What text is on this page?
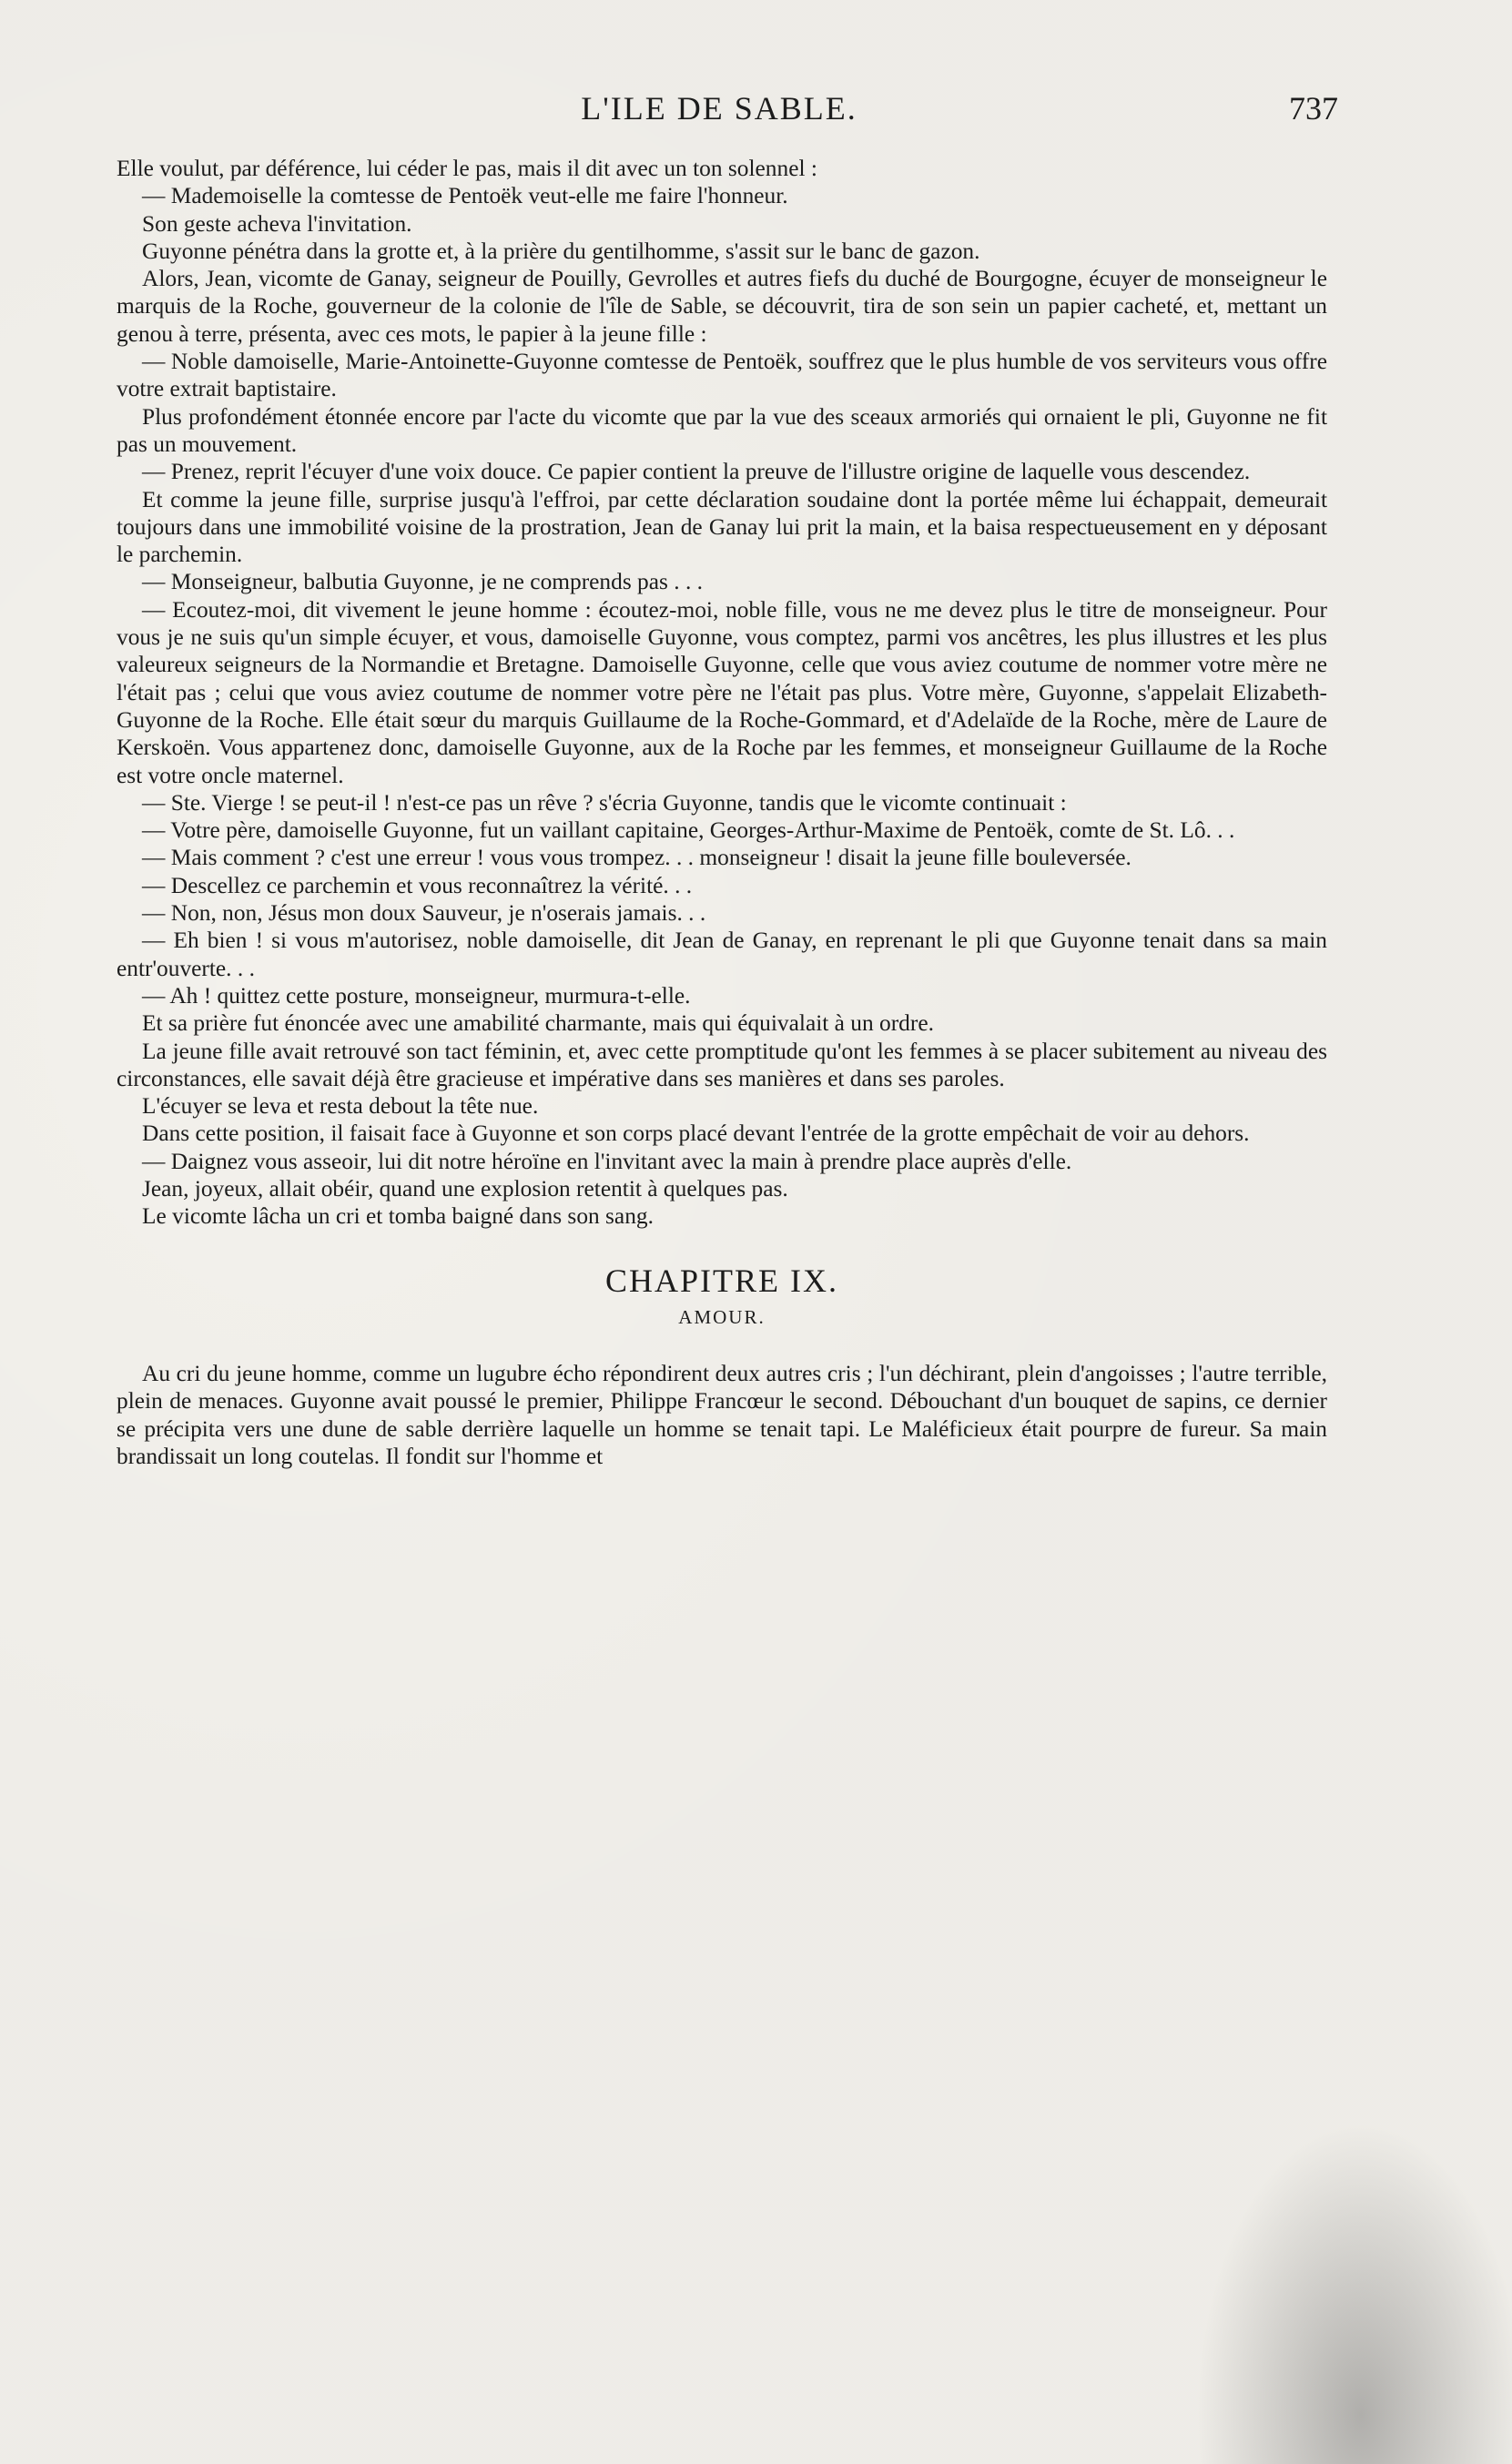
L'ILE DE SABLE.	737

Elle voulut, par déférence, lui céder le pas, mais il dit avec un ton solennel :

— Mademoiselle la comtesse de Pentoëk veut-elle me faire l'honneur.

Son geste acheva l'invitation.

Guyonne pénétra dans la grotte et, à la prière du gentilhomme, s'assit sur le banc de gazon.

Alors, Jean, vicomte de Ganay, seigneur de Pouilly, Gevrolles et autres fiefs du duché de Bourgogne, écuyer de monseigneur le marquis de la Roche, gouverneur de la colonie de l'île de Sable, se découvrit, tira de son sein un papier cacheté, et, mettant un genou à terre, présenta, avec ces mots, le papier à la jeune fille :

— Noble damoiselle, Marie-Antoinette-Guyonne comtesse de Pentoëk, souffrez que le plus humble de vos serviteurs vous offre votre extrait baptistaire.

Plus profondément étonnée encore par l'acte du vicomte que par la vue des sceaux armoriés qui ornaient le pli, Guyonne ne fit pas un mouvement.

— Prenez, reprit l'écuyer d'une voix douce. Ce papier contient la preuve de l'illustre origine de laquelle vous descendez.

Et comme la jeune fille, surprise jusqu'à l'effroi, par cette déclaration soudaine dont la portée même lui échappait, demeurait toujours dans une immobilité voisine de la prostration, Jean de Ganay lui prit la main, et la baisa respectueusement en y déposant le parchemin.

— Monseigneur, balbutia Guyonne, je ne comprends pas . . .

— Ecoutez-moi, dit vivement le jeune homme : écoutez-moi, noble fille, vous ne me devez plus le titre de monseigneur. Pour vous je ne suis qu'un simple écuyer, et vous, damoiselle Guyonne, vous comptez, parmi vos ancêtres, les plus illustres et les plus valeureux seigneurs de la Normandie et Bretagne. Damoiselle Guyonne, celle que vous aviez coutume de nommer votre mère ne l'était pas ; celui que vous aviez coutume de nommer votre père ne l'était pas plus. Votre mère, Guyonne, s'appelait Elizabeth-Guyonne de la Roche. Elle était sœur du marquis Guillaume de la Roche-Gommard, et d'Adelaïde de la Roche, mère de Laure de Kerskoën. Vous appartenez donc, damoiselle Guyonne, aux de la Roche par les femmes, et monseigneur Guillaume de la Roche est votre oncle maternel.

— Ste. Vierge ! se peut-il ! n'est-ce pas un rêve ? s'écria Guyonne, tandis que le vicomte continuait :

— Votre père, damoiselle Guyonne, fut un vaillant capitaine, Georges-Arthur-Maxime de Pentoëk, comte de St. Lô. . .

— Mais comment ? c'est une erreur ! vous vous trompez. . . monseigneur ! disait la jeune fille bouleversée.

— Descellez ce parchemin et vous reconnaîtrez la vérité. . .

— Non, non, Jésus mon doux Sauveur, je n'oserais jamais. . .

— Eh bien ! si vous m'autorisez, noble damoiselle, dit Jean de Ganay, en reprenant le pli que Guyonne tenait dans sa main entr'ouverte. . .

— Ah ! quittez cette posture, monseigneur, murmura-t-elle.

Et sa prière fut énoncée avec une amabilité charmante, mais qui équivalait à un ordre.

La jeune fille avait retrouvé son tact féminin, et, avec cette promptitude qu'ont les femmes à se placer subitement au niveau des circonstances, elle savait déjà être gracieuse et impérative dans ses manières et dans ses paroles.

L'écuyer se leva et resta debout la tête nue.

Dans cette position, il faisait face à Guyonne et son corps placé devant l'entrée de la grotte empêchait de voir au dehors.

— Daignez vous asseoir, lui dit notre héroïne en l'invitant avec la main à prendre place auprès d'elle.

Jean, joyeux, allait obéir, quand une explosion retentit à quelques pas.

Le vicomte lâcha un cri et tomba baigné dans son sang.

CHAPITRE IX.
AMOUR.

Au cri du jeune homme, comme un lugubre écho répondirent deux autres cris ; l'un déchirant, plein d'angoisses ; l'autre terrible, plein de menaces. Guyonne avait poussé le premier, Philippe Francœur le second. Débouchant d'un bouquet de sapins, ce dernier se précipita vers une dune de sable derrière laquelle un homme se tenait tapi. Le Maléficieux était pourpre de fureur. Sa main brandissait un long coutelas. Il fondit sur l'homme et
